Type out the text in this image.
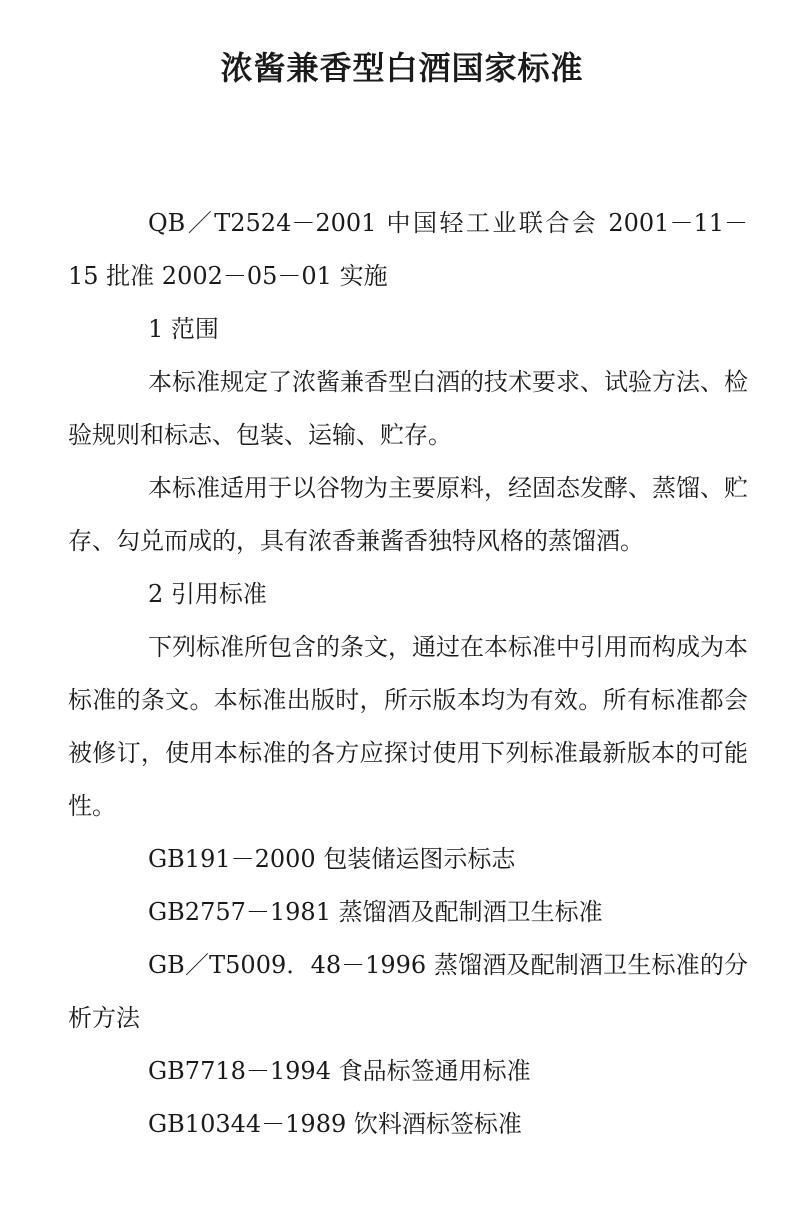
浓酱兼香型白酒国家标准

QB／T2524－2001 中国轻工业联合会 2001－11－15 批准 2002－05－01 实施

1 范围

本标准规定了浓酱兼香型白酒的技术要求、试验方法、检验规则和标志、包装、运输、贮存。

本标准适用于以谷物为主要原料，经固态发酵、蒸馏、贮存、勾兑而成的，具有浓香兼酱香独特风格的蒸馏酒。

2 引用标准

下列标准所包含的条文，通过在本标准中引用而构成为本标准的条文。本标准出版时，所示版本均为有效。所有标准都会被修订，使用本标准的各方应探讨使用下列标准最新版本的可能性。

GB191－2000 包装储运图示标志

GB2757－1981 蒸馏酒及配制酒卫生标准

GB／T5009．48－1996 蒸馏酒及配制酒卫生标准的分析方法

GB7718－1994 食品标签通用标准

GB10344－1989 饮料酒标签标准
